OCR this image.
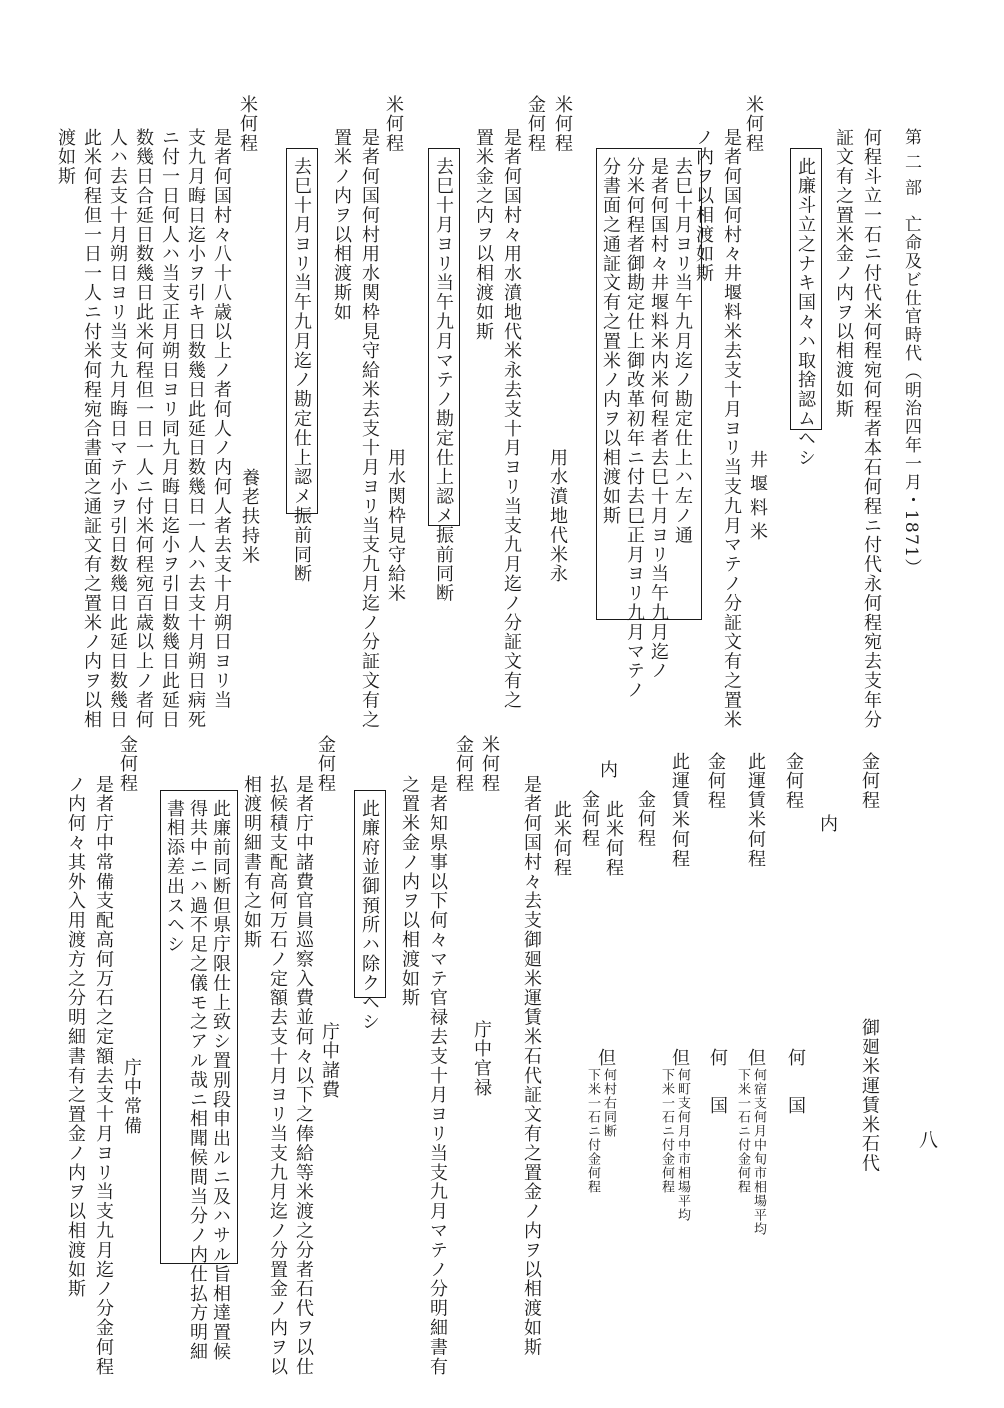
第 二 部　亡命及ビ仕官時代（明治四年一月・1871）
八
何程斗立一石ニ付代米何程宛何程者本石何程ニ付代永何程宛去支年分
証文有之置米金ノ内ヲ以相渡如斯
此廉斗立之ナキ国々ハ取捨認ムヘシ
米何程
井堰料米
是者何国何村々井堰料米去支十月ヨリ当支九月マテノ分証文有之置米
ノ内ヲ以相渡如斯
去巳十月ヨリ当午九月迄ノ勘定仕上ハ左ノ通
是者何国村々井堰料米内米何程者去巳十月ヨリ当午九月迄ノ
分米何程者御勘定仕上御改革初年ニ付去巳正月ヨリ九月マテノ
分書面之通証文有之置米ノ内ヲ以相渡如斯
米何程
金何程
用水濆地代米永
是者何国村々用水濆地代米永去支十月ヨリ当支九月迄ノ分証文有之
置米金之内ヲ以相渡如斯
去巳十月ヨリ当午九月マテノ勘定仕上認メ振前同断
米何程
用水関枠見守給米
是者何国何村用水関枠見守給米去支十月ヨリ当支九月迄ノ分証文有之
置米ノ内ヲ以相渡斯如
去巳十月ヨリ当午九月迄ノ勘定仕上認メ振前同断
米何程
養老扶持米
是者何国村々八十八歳以上ノ者何人ノ内何人者去支十月朔日ヨリ当
支九月晦日迄小ヲ引キ日数幾日此延日数幾日一人ハ去支十月朔日病死
ニ付一日何人ハ当支正月朔日ヨリ同九月晦日迄小ヲ引日数幾日此延日
数幾日合延日数幾日此米何程但一日一人ニ付米何程宛百歳以上ノ者何
人ハ去支十月朔日ヨリ当支九月晦日マテ小ヲ引日数幾日此延日数幾日
此米何程但一日一人ニ付米何程宛合書面之通証文有之置米ノ内ヲ以相
渡如斯
金何程
御廻米運賃米石代
内
金何程
此運賃米何程
何　国
但
何宿支何月中旬市相場平均
下米一石ニ付金何程
金何程
此運賃米何程
何　国
但
何町支何月中市相場平均
下米一石ニ付金何程
金何程
此米何程
内
金何程
此米何程
但
何村右同断
下米一石ニ付金何程
是者何国村々去支御廻米運賃米石代証文有之置金ノ内ヲ以相渡如斯
米何程
金何程
庁中官禄
是者知県事以下何々マテ官禄去支十月ヨリ当支九月マテノ分明細書有
之置米金ノ内ヲ以相渡如斯
此廉府並御預所ハ除クヘシ
金何程
庁中諸費
是者庁中諸費官員巡察入費並何々以下之俸給等米渡之分者石代ヲ以仕
払候積支配高何万石ノ定額去支十月ヨリ当支九月迄ノ分置金ノ内ヲ以
相渡明細書有之如斯
此廉前同断但県庁限仕上致シ置別段申出ルニ及ハサル旨相達置候
得共中ニハ過不足之儀モ之アル哉ニ相聞候間当分ノ内仕払方明細
書相添差出スヘシ
金何程
庁中常備
是者庁中常備支配高何万石之定額去支十月ヨリ当支九月迄ノ分金何程
ノ内何々其外入用渡方之分明細書有之置金ノ内ヲ以相渡如斯
